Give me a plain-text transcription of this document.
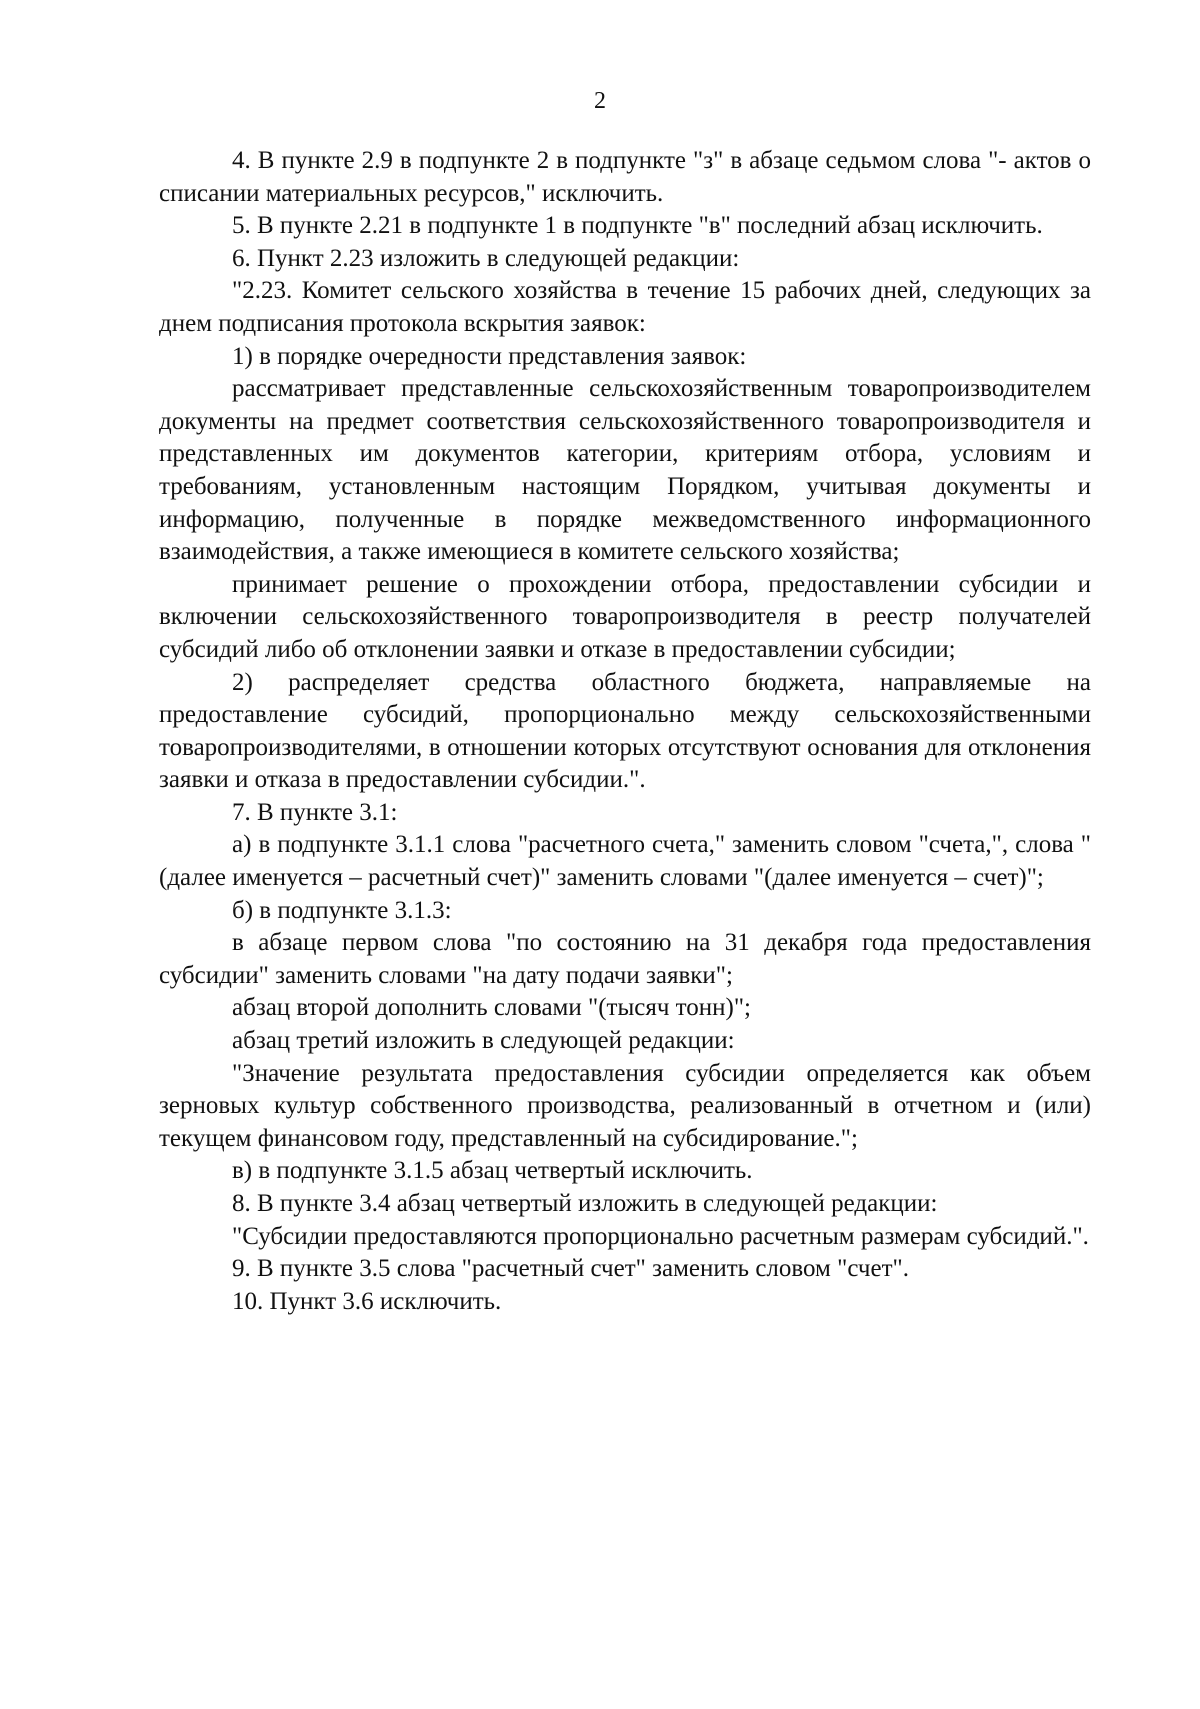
2

4. В пункте 2.9 в подпункте 2 в подпункте "з" в абзаце седьмом слова "- актов о списании материальных ресурсов," исключить.

5. В пункте 2.21 в подпункте 1 в подпункте "в" последний абзац исключить.

6. Пункт 2.23 изложить в следующей редакции:

"2.23. Комитет сельского хозяйства в течение 15 рабочих дней, следующих за днем подписания протокола вскрытия заявок:

1) в порядке очередности представления заявок:

рассматривает представленные сельскохозяйственным товаропроизводителем документы на предмет соответствия сельскохозяйственного товаропроизводителя и представленных им документов категории, критериям отбора, условиям и требованиям, установленным настоящим Порядком, учитывая документы и информацию, полученные в порядке межведомственного информационного взаимодействия, а также имеющиеся в комитете сельского хозяйства;

принимает решение о прохождении отбора, предоставлении субсидии и включении сельскохозяйственного товаропроизводителя в реестр получателей субсидий либо об отклонении заявки и отказе в предоставлении субсидии;

2) распределяет средства областного бюджета, направляемые на предоставление субсидий, пропорционально между сельскохозяйственными товаропроизводителями, в отношении которых отсутствуют основания для отклонения заявки и отказа в предоставлении субсидии.".

7. В пункте 3.1:

а) в подпункте 3.1.1 слова "расчетного счета," заменить словом "счета,", слова "(далее именуется – расчетный счет)" заменить словами "(далее именуется – счет)";

б) в подпункте 3.1.3:

в абзаце первом слова "по состоянию на 31 декабря года предоставления субсидии" заменить словами "на дату подачи заявки";

абзац второй дополнить словами "(тысяч тонн)";

абзац третий изложить в следующей редакции:

"Значение результата предоставления субсидии определяется как объем зерновых культур собственного производства, реализованный в отчетном и (или) текущем финансовом году, представленный на субсидирование.";

в) в подпункте 3.1.5 абзац четвертый исключить.

8. В пункте 3.4 абзац четвертый изложить в следующей редакции:

"Субсидии предоставляются пропорционально расчетным размерам субсидий.".

9. В пункте 3.5 слова "расчетный счет" заменить словом "счет".

10. Пункт 3.6 исключить.
